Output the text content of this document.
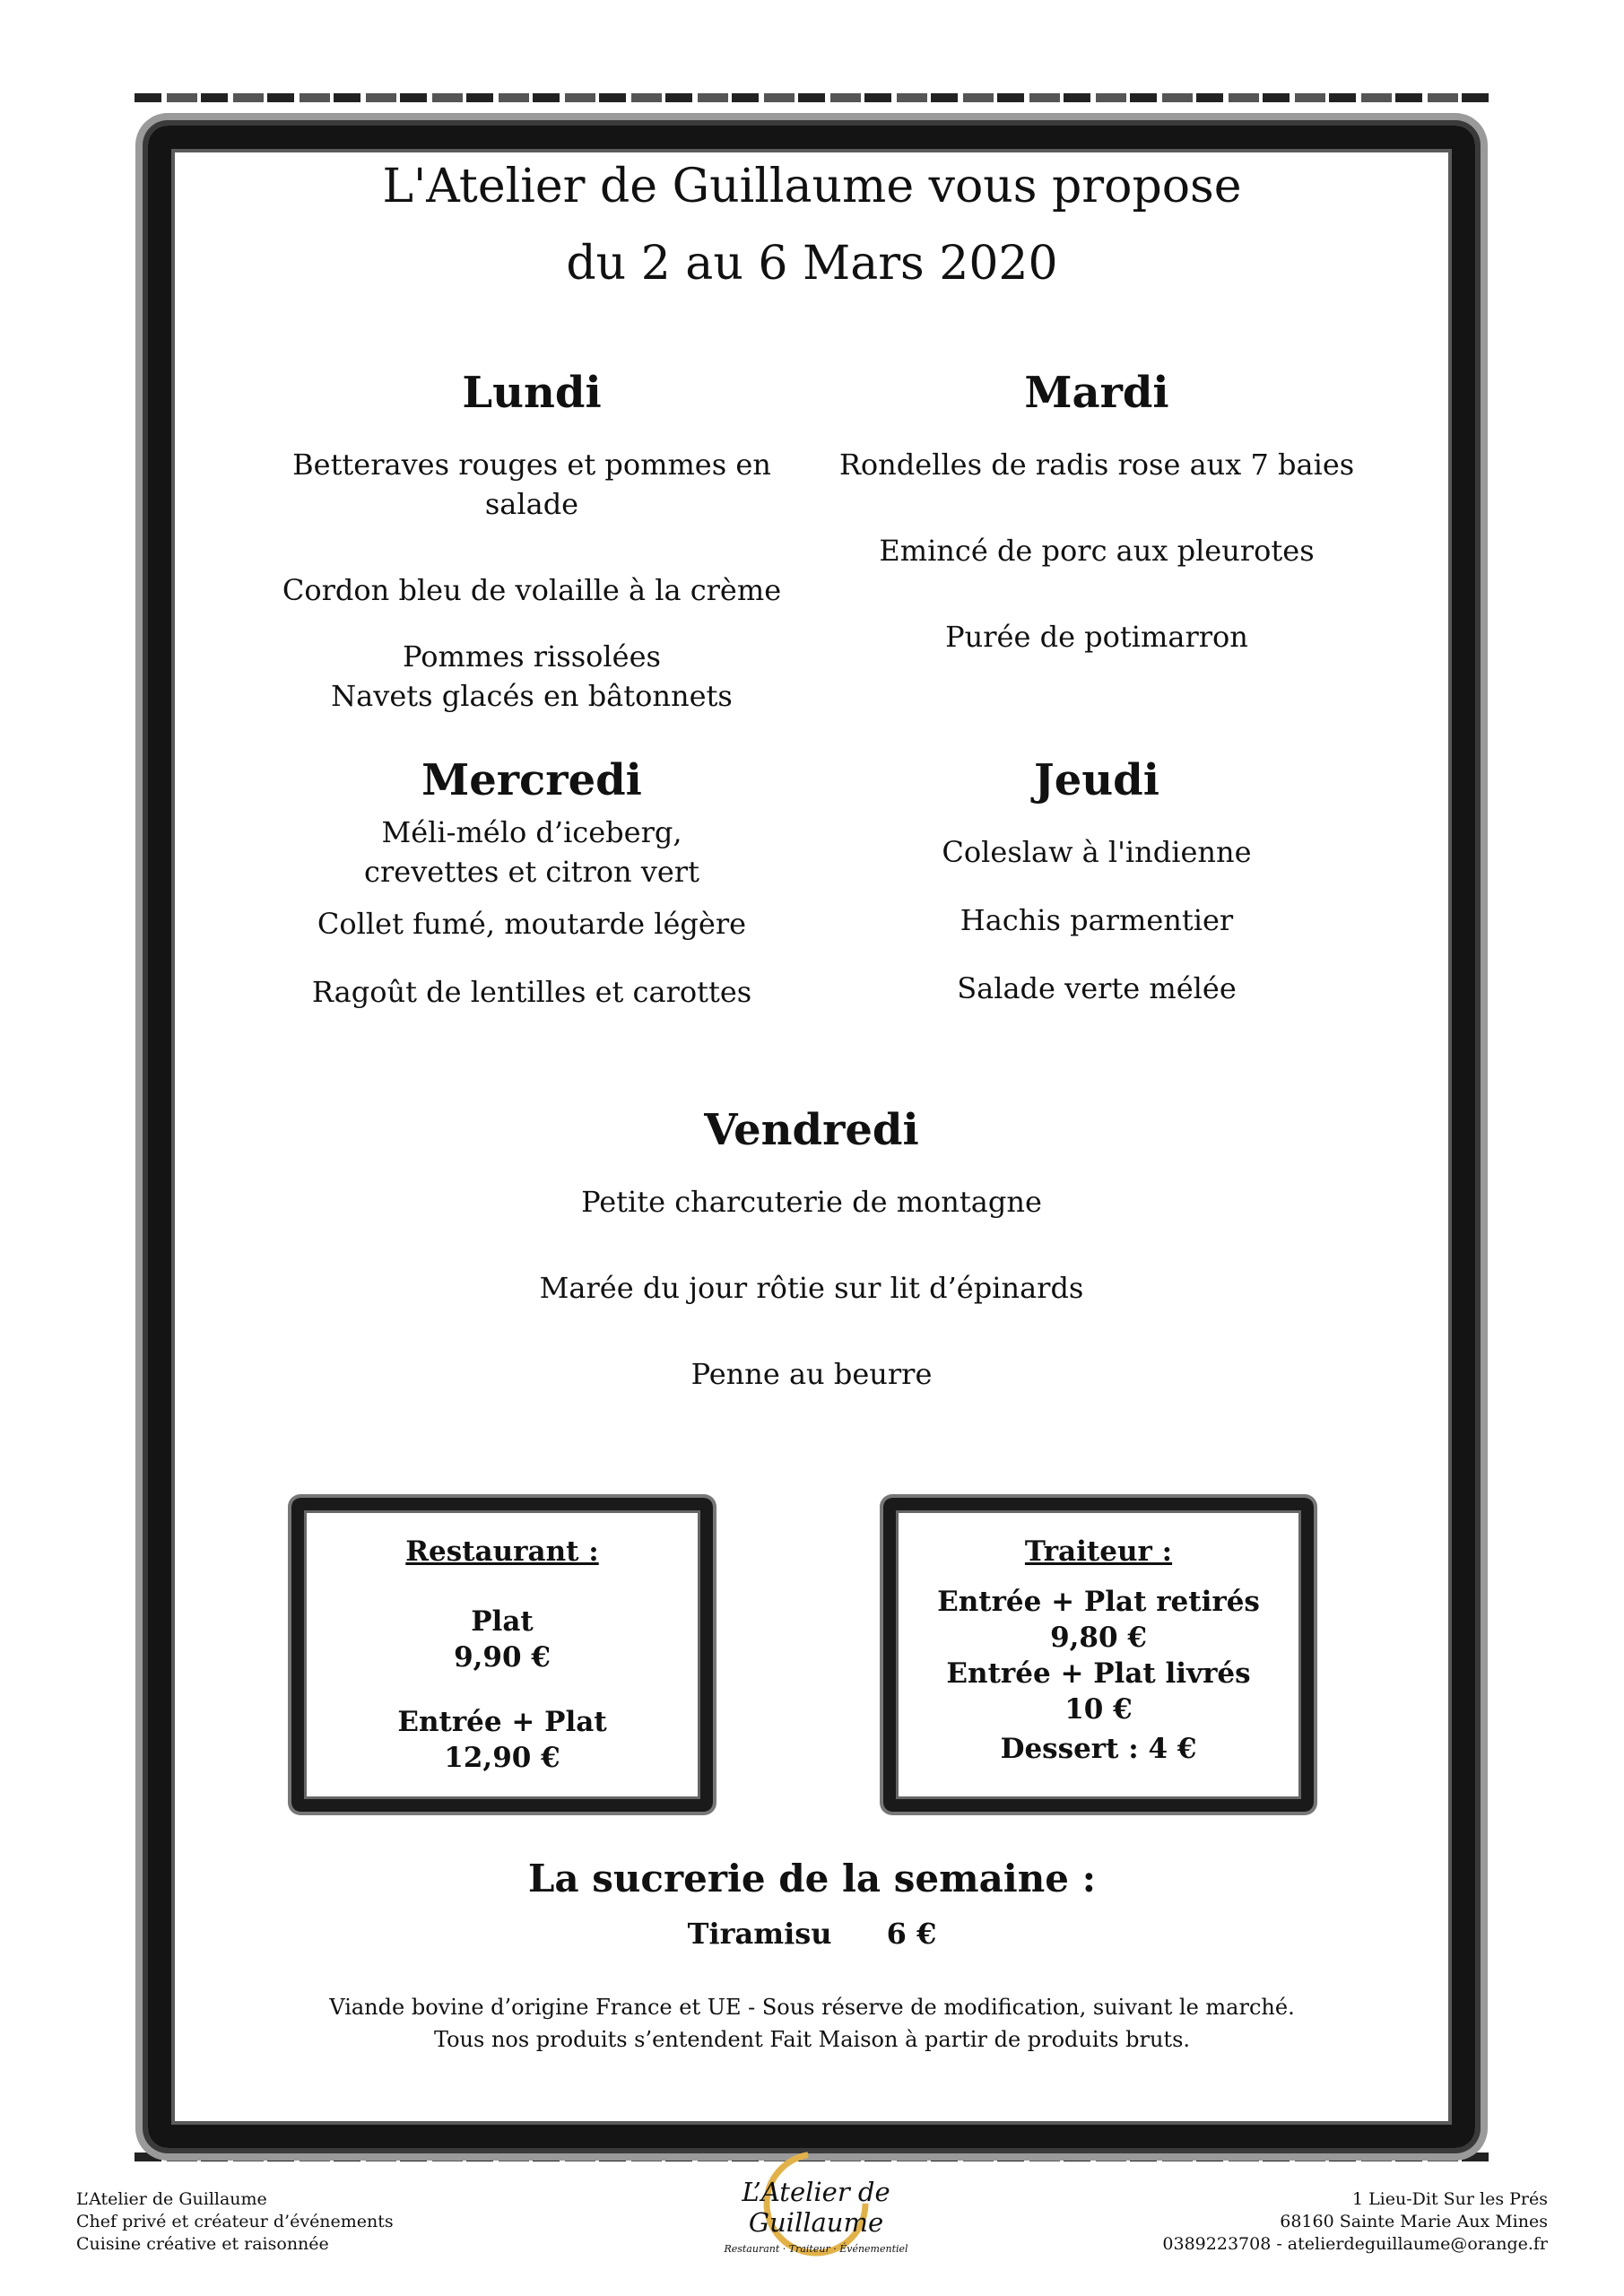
L'Atelier de Guillaume vous propose
du 2 au 6 Mars 2020
Lundi

Betteraves rouges et pommes en salade

Cordon bleu de volaille à la crème

Pommes rissolées

Navets glacés en bâtonnets

Mardi

Rondelles de radis rose aux 7 baies

Emincé de porc aux pleurotes

Purée de potimarron

Mercredi

Méli-mélo d’iceberg,

crevettes et citron vert

Collet fumé, moutarde légère

Ragoût de lentilles et carottes

Jeudi

Coleslaw à l'indienne

Hachis parmentier

Salade verte mélée

Vendredi

Petite charcuterie de montagne

Marée du jour rôtie sur lit d’épinards

Penne au beurre

Restaurant :
Plat
9,90 €
Entrée + Plat
12,90 €
Traiteur :
Entrée + Plat retirés
9,80 €
Entrée + Plat livrés
10 €
Dessert : 4 €
La sucrerie de la semaine :
Tiramisu 6 €
Viande bovine d’origine France et UE - Sous réserve de modification, suivant le marché.
Tous nos produits s’entendent Fait Maison à partir de produits bruts.
L’Atelier de Guillaume
Chef privé et créateur d’événements
Cuisine créative et raisonnée
L’Atelier de Guillaume
Restaurant · Traiteur · Événementiel
1 Lieu-Dit Sur les Prés
68160 Sainte Marie Aux Mines
0389223708 - atelierdeguillaume@orange.fr
